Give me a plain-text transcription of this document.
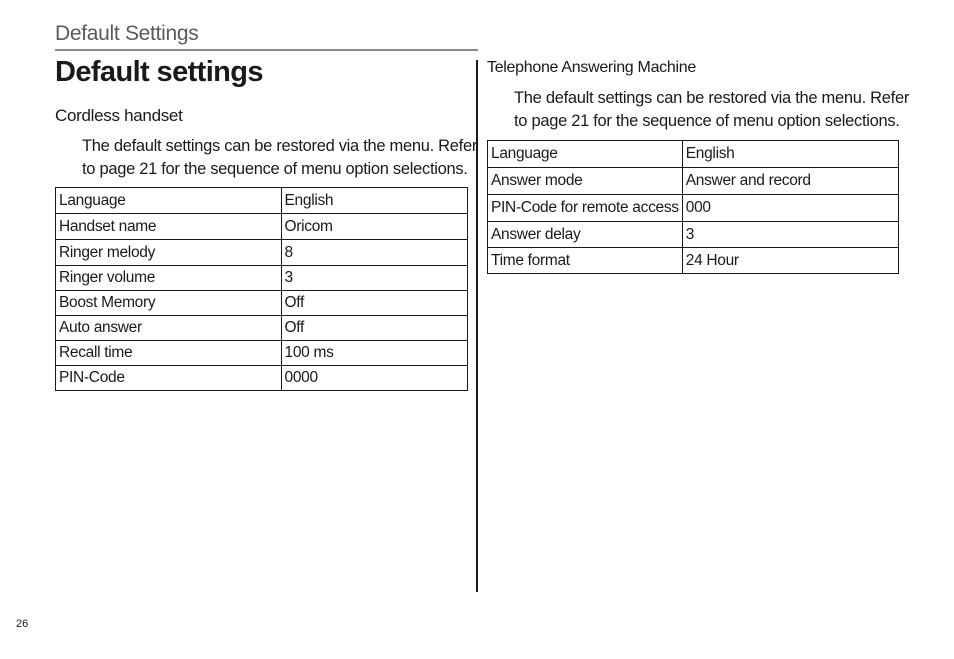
Default Settings
Default settings
Cordless handset
The default settings can be restored via the menu. Refer
to page 21 for the sequence of menu option selections.
Language	English
Handset name	Oricom
Ringer melody	8
Ringer volume	3
Boost Memory	Off
Auto answer	Off
Recall time	100 ms
PIN-Code	0000
Telephone Answering Machine
The default settings can be restored via the menu. Refer
to page 21 for the sequence of menu option selections.
Language	English
Answer mode	Answer and record
PIN-Code for remote access	000
Answer delay	3
Time format	24 Hour
26
